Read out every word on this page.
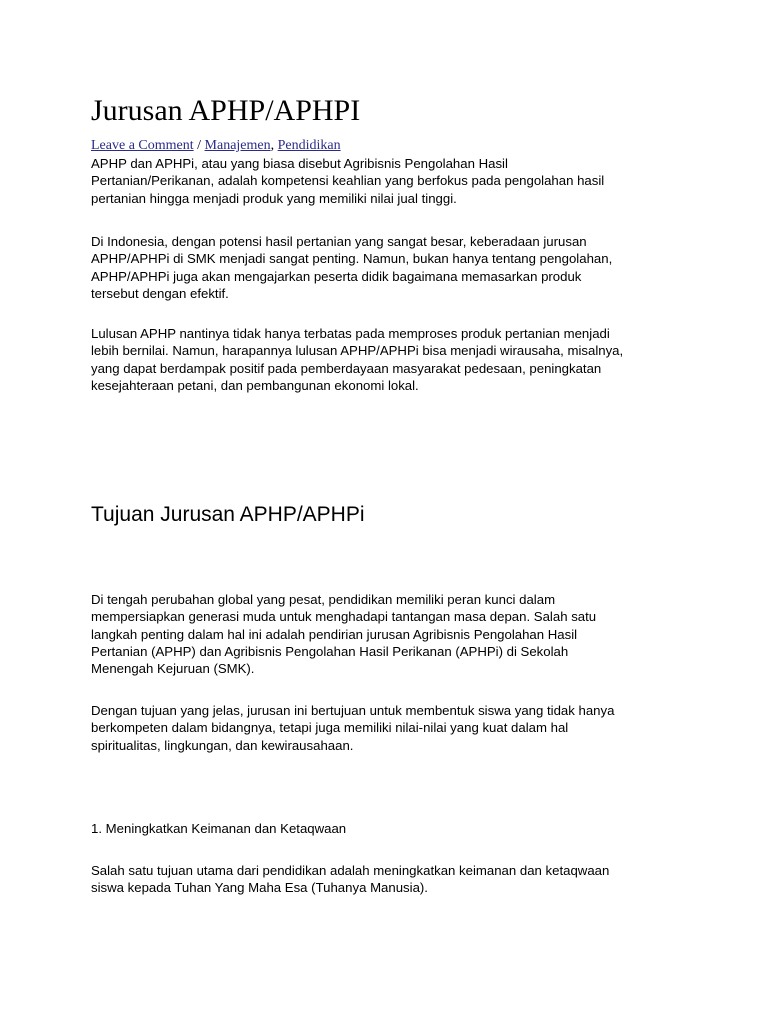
Jurusan APHP/APHPI
Leave a Comment / Manajemen, Pendidikan

APHP dan APHPi, atau yang biasa disebut Agribisnis Pengolahan Hasil
Pertanian/Perikanan, adalah kompetensi keahlian yang berfokus pada pengolahan hasil
pertanian hingga menjadi produk yang memiliki nilai jual tinggi.

Di Indonesia, dengan potensi hasil pertanian yang sangat besar, keberadaan jurusan
APHP/APHPi di SMK menjadi sangat penting. Namun, bukan hanya tentang pengolahan,
APHP/APHPi juga akan mengajarkan peserta didik bagaimana memasarkan produk
tersebut dengan efektif.

Lulusan APHP nantinya tidak hanya terbatas pada memproses produk pertanian menjadi
lebih bernilai. Namun, harapannya lulusan APHP/APHPi bisa menjadi wirausaha, misalnya,
yang dapat berdampak positif pada pemberdayaan masyarakat pedesaan, peningkatan
kesejahteraan petani, dan pembangunan ekonomi lokal.

Tujuan Jurusan APHP/APHPi

Di tengah perubahan global yang pesat, pendidikan memiliki peran kunci dalam
mempersiapkan generasi muda untuk menghadapi tantangan masa depan. Salah satu
langkah penting dalam hal ini adalah pendirian jurusan Agribisnis Pengolahan Hasil
Pertanian (APHP) dan Agribisnis Pengolahan Hasil Perikanan (APHPi) di Sekolah
Menengah Kejuruan (SMK).

Dengan tujuan yang jelas, jurusan ini bertujuan untuk membentuk siswa yang tidak hanya
berkompeten dalam bidangnya, tetapi juga memiliki nilai-nilai yang kuat dalam hal
spiritualitas, lingkungan, dan kewirausahaan.

1. Meningkatkan Keimanan dan Ketaqwaan

Salah satu tujuan utama dari pendidikan adalah meningkatkan keimanan dan ketaqwaan
siswa kepada Tuhan Yang Maha Esa (Tuhanya Manusia).
